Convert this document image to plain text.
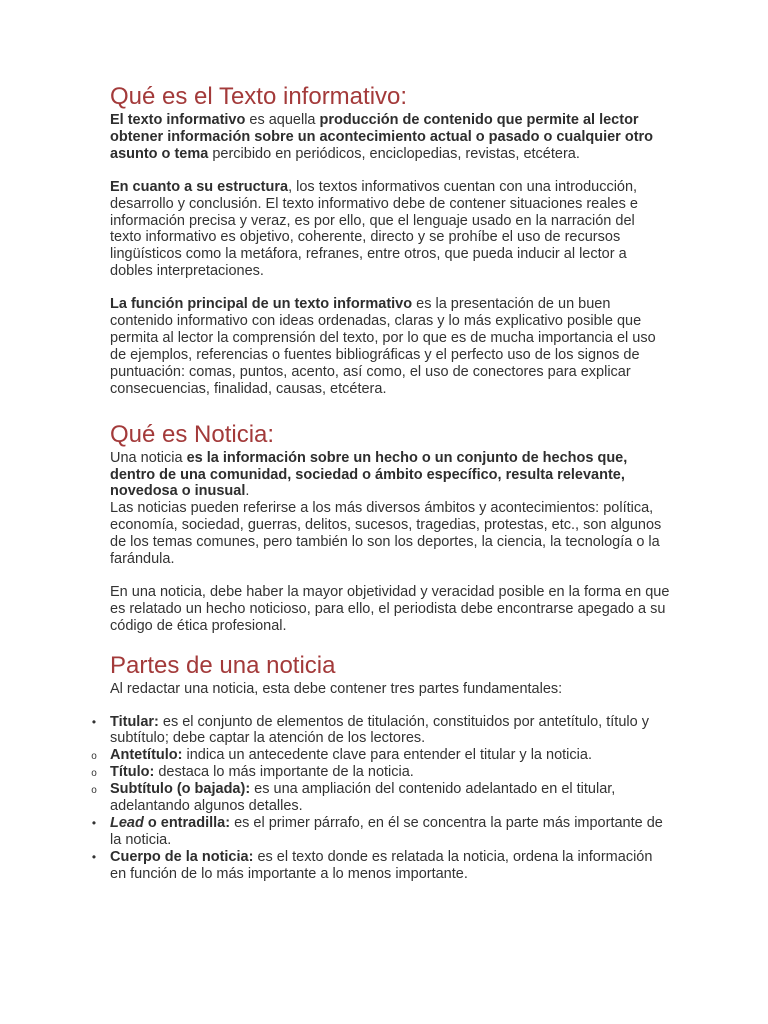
Qué es el Texto informativo:

El texto informativo es aquella producción de contenido que permite al lector obtener información sobre un acontecimiento actual o pasado o cualquier otro asunto o tema percibido en periódicos, enciclopedias, revistas, etcétera.

En cuanto a su estructura, los textos informativos cuentan con una introducción, desarrollo y conclusión. El texto informativo debe de contener situaciones reales e información precisa y veraz, es por ello, que el lenguaje usado en la narración del texto informativo es objetivo, coherente, directo y se prohíbe el uso de recursos lingüísticos como la metáfora, refranes, entre otros, que pueda inducir al lector a dobles interpretaciones.

La función principal de un texto informativo es la presentación de un buen contenido informativo con ideas ordenadas, claras y lo más explicativo posible que permita al lector la comprensión del texto, por lo que es de mucha importancia el uso de ejemplos, referencias o fuentes bibliográficas y el perfecto uso de los signos de puntuación: comas, puntos, acento, así como, el uso de conectores para explicar consecuencias, finalidad, causas, etcétera.

Qué es Noticia:

Una noticia es la información sobre un hecho o un conjunto de hechos que, dentro de una comunidad, sociedad o ámbito específico, resulta relevante, novedosa o inusual.

Las noticias pueden referirse a los más diversos ámbitos y acontecimientos: política, economía, sociedad, guerras, delitos, sucesos, tragedias, protestas, etc., son algunos de los temas comunes, pero también lo son los deportes, la ciencia, la tecnología o la farándula.

En una noticia, debe haber la mayor objetividad y veracidad posible en la forma en que es relatado un hecho noticioso, para ello, el periodista debe encontrarse apegado a su código de ética profesional.

Partes de una noticia

Al redactar una noticia, esta debe contener tres partes fundamentales:

• Titular: es el conjunto de elementos de titulación, constituidos por antetítulo, título y subtítulo; debe captar la atención de los lectores.
o Antetítulo: indica un antecedente clave para entender el titular y la noticia.
o Título: destaca lo más importante de la noticia.
o Subtítulo (o bajada): es una ampliación del contenido adelantado en el titular, adelantando algunos detalles.
• Lead o entradilla: es el primer párrafo, en él se concentra la parte más importante de la noticia.
• Cuerpo de la noticia: es el texto donde es relatada la noticia, ordena la información en función de lo más importante a lo menos importante.
